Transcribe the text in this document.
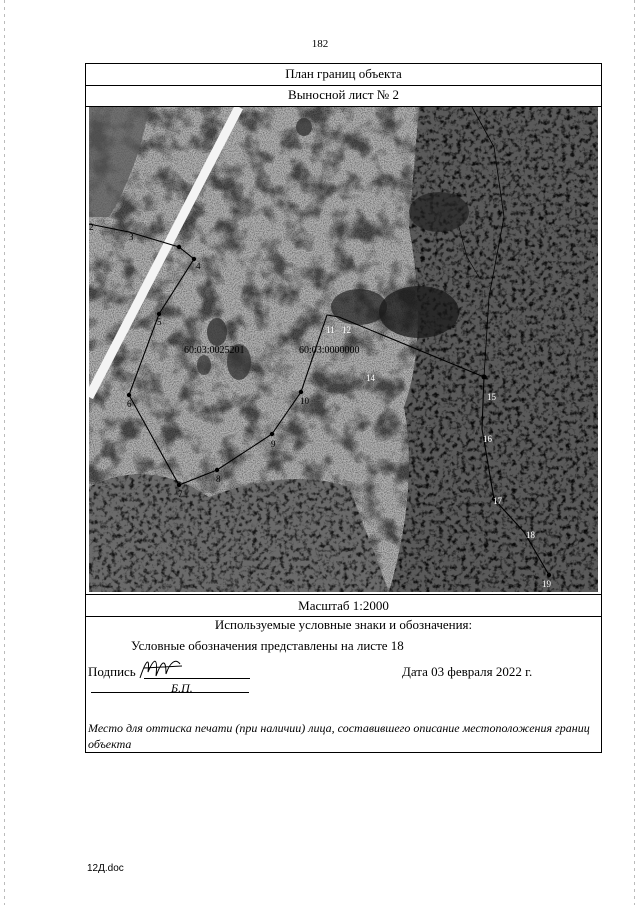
182
План границ объекта
Выносной лист № 2
2
3
4
5
6
7
8
9
10
11 12
14
15
16
17
18
19
60:03:0025201	60:03:0000000
Масштаб 1:2000
Используемые условные знаки и обозначения:
Условные обозначения представлены на листе 18
Подпись	Дата 03 февраля 2022 г.
Б.П.
Место для оттиска печати (при наличии) лица, составившего описание местоположения границ объекта
12Д.doc
